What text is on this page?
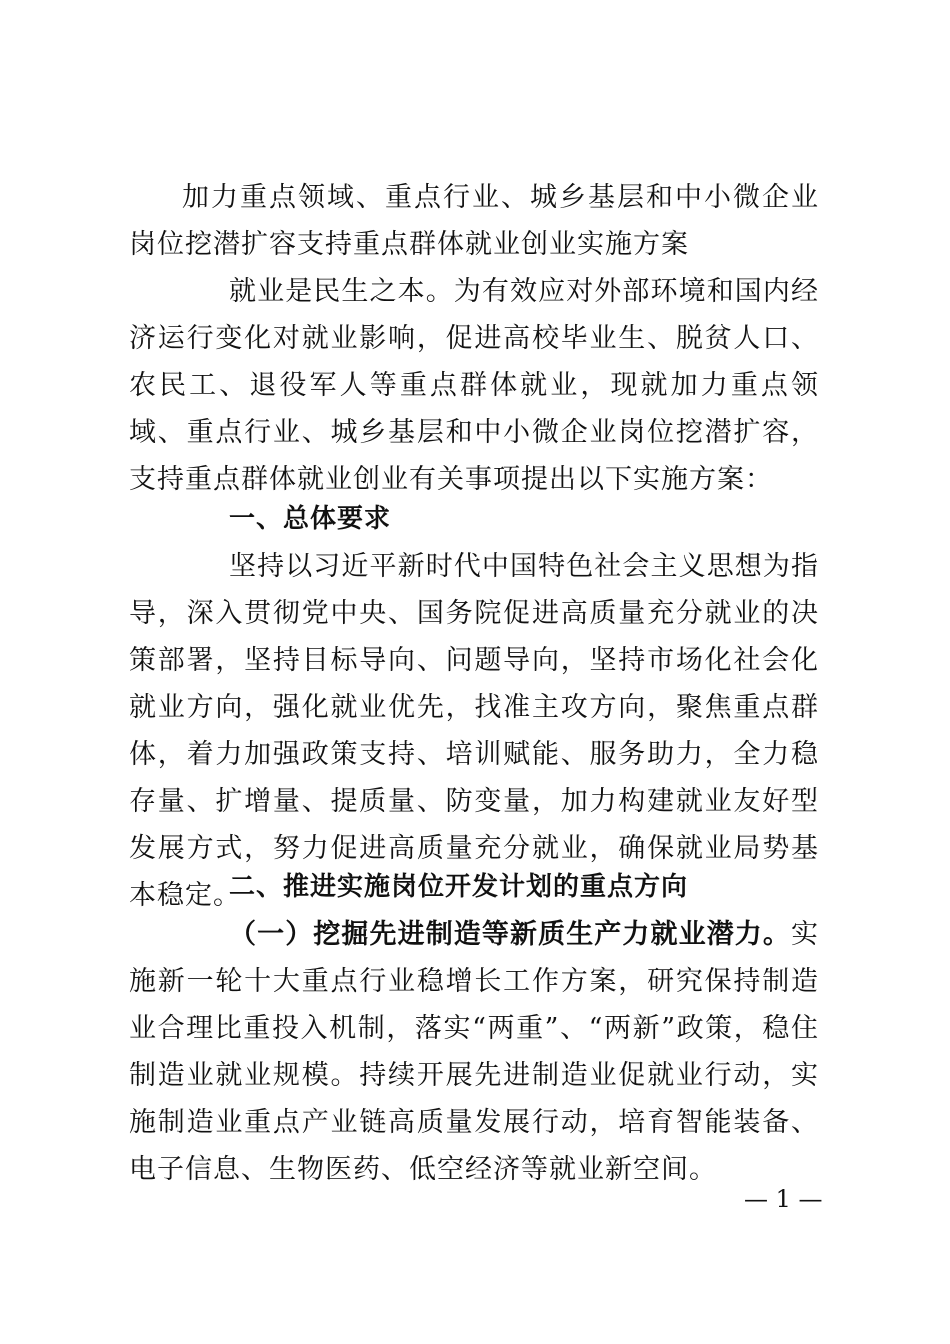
加力重点领域、重点行业、城乡基层和中小微企业岗位挖潜扩容支持重点群体就业创业实施方案

就业是民生之本。为有效应对外部环境和国内经济运行变化对就业影响，促进高校毕业生、脱贫人口、农民工、退役军人等重点群体就业，现就加力重点领域、重点行业、城乡基层和中小微企业岗位挖潜扩容，支持重点群体就业创业有关事项提出以下实施方案：

一、总体要求

坚持以习近平新时代中国特色社会主义思想为指导，深入贯彻党中央、国务院促进高质量充分就业的决策部署，坚持目标导向、问题导向，坚持市场化社会化就业方向，强化就业优先，找准主攻方向，聚焦重点群体，着力加强政策支持、培训赋能、服务助力，全力稳存量、扩增量、提质量、防变量，加力构建就业友好型发展方式，努力促进高质量充分就业，确保就业局势基本稳定。

二、推进实施岗位开发计划的重点方向

（一）挖掘先进制造等新质生产力就业潜力。实施新一轮十大重点行业稳增长工作方案，研究保持制造业合理比重投入机制，落实“两重”、“两新”政策，稳住制造业就业规模。持续开展先进制造业促就业行动，实施制造业重点产业链高质量发展行动，培育智能装备、电子信息、生物医药、低空经济等就业新空间。

— 1 —
